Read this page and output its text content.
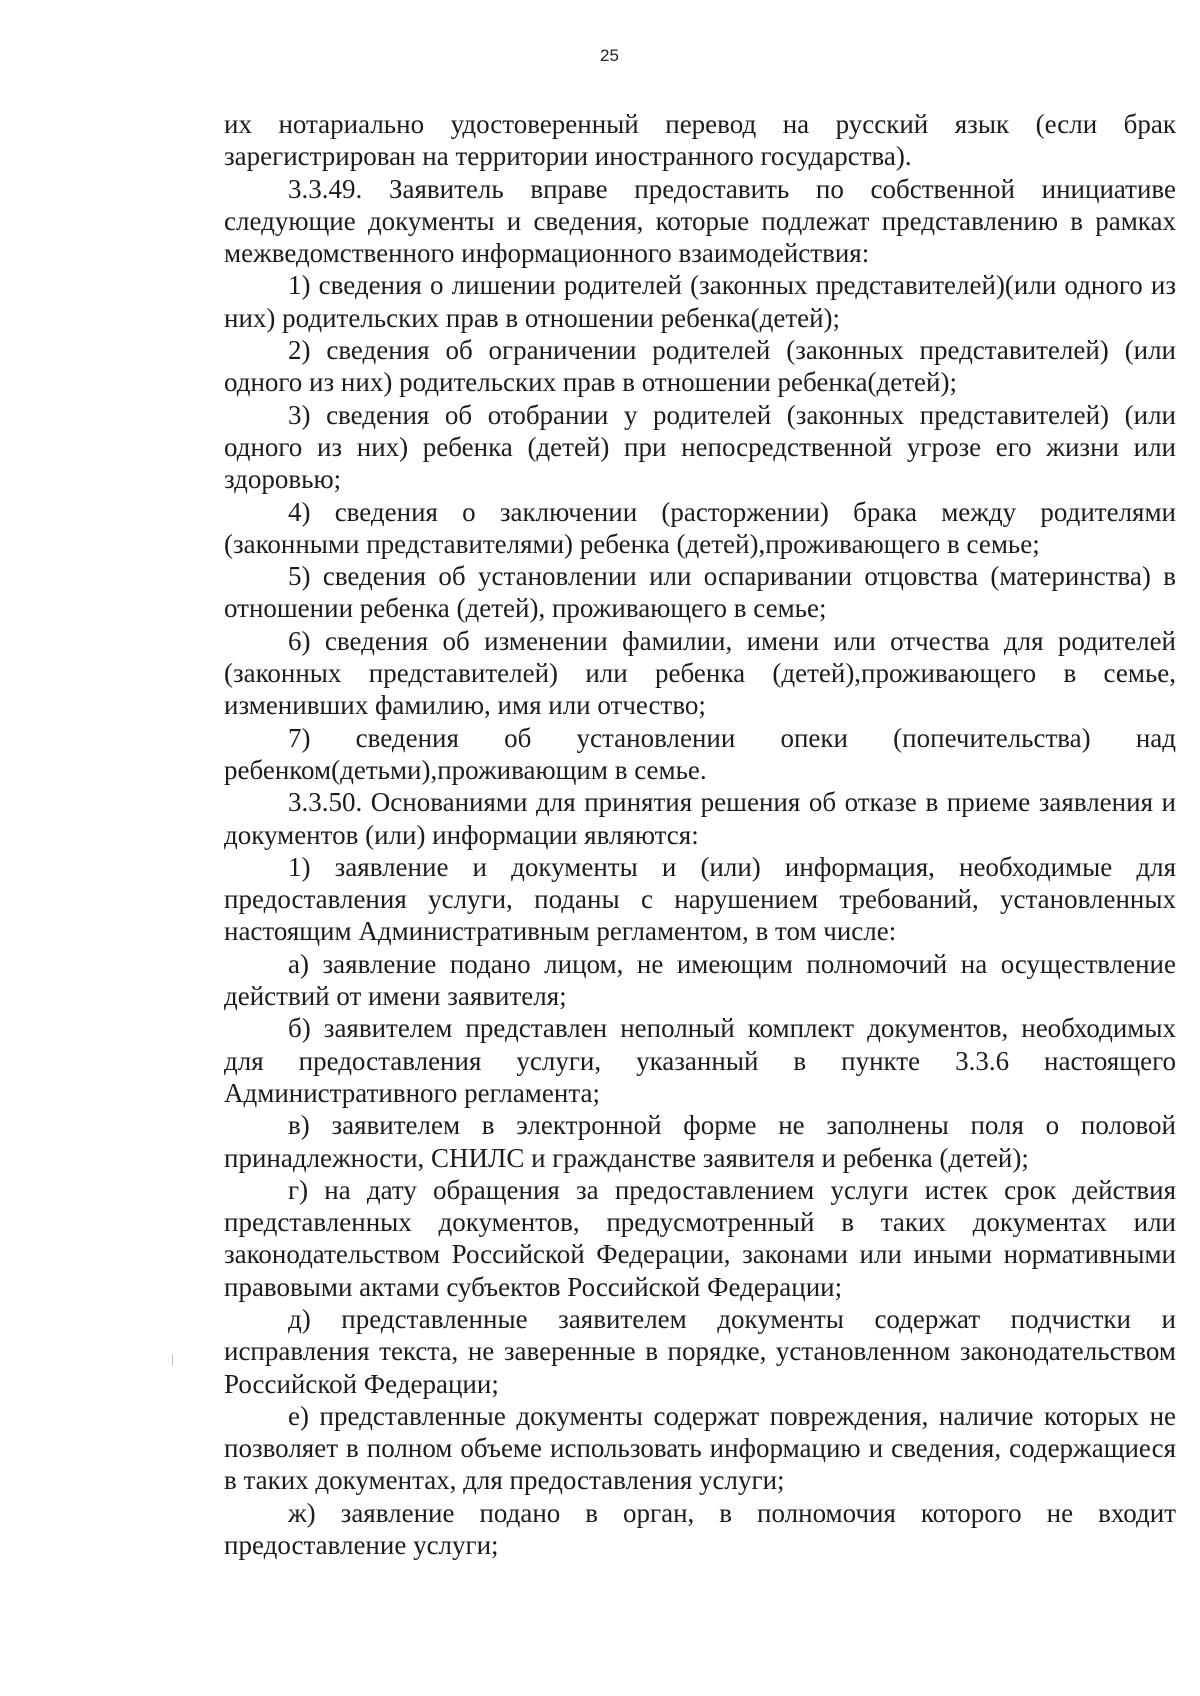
25

их нотариально удостоверенный перевод на русский язык (если брак зарегистрирован на территории иностранного государства).

3.3.49. Заявитель вправе предоставить по собственной инициативе следующие документы и сведения, которые подлежат представлению в рамках межведомственного информационного взаимодействия:

1) сведения о лишении родителей (законных представителей)(или одного из них) родительских прав в отношении ребенка(детей);

2) сведения об ограничении родителей (законных представителей) (или одного из них) родительских прав в отношении ребенка(детей);

3) сведения об отобрании у родителей (законных представителей) (или одного из них) ребенка (детей) при непосредственной угрозе его жизни или здоровью;

4) сведения о заключении (расторжении) брака между родителями (законными представителями) ребенка (детей),проживающего в семье;

5) сведения об установлении или оспаривании отцовства (материнства) в отношении ребенка (детей), проживающего в семье;

6) сведения об изменении фамилии, имени или отчества для родителей (законных представителей) или ребенка (детей),проживающего в семье, изменивших фамилию, имя или отчество;

7) сведения об установлении опеки (попечительства) над ребенком(детьми),проживающим в семье.

3.3.50. Основаниями для принятия решения об отказе в приеме заявления и документов (или) информации являются:

1) заявление и документы и (или) информация, необходимые для предоставления услуги, поданы с нарушением требований, установленных настоящим Административным регламентом, в том числе:

а) заявление подано лицом, не имеющим полномочий на осуществление действий от имени заявителя;

б) заявителем представлен неполный комплект документов, необходимых для предоставления услуги, указанный в пункте 3.3.6 настоящего Административного регламента;

в) заявителем в электронной форме не заполнены поля о половой принадлежности, СНИЛС и гражданстве заявителя и ребенка (детей);

г) на дату обращения за предоставлением услуги истек срок действия представленных документов, предусмотренный в таких документах или законодательством Российской Федерации, законами или иными нормативными правовыми актами субъектов Российской Федерации;

д) представленные заявителем документы содержат подчистки и исправления текста, не заверенные в порядке, установленном законодательством Российской Федерации;

е) представленные документы содержат повреждения, наличие которых не позволяет в полном объеме использовать информацию и сведения, содержащиеся в таких документах, для предоставления услуги;

ж) заявление подано в орган, в полномочия которого не входит предоставление услуги;
